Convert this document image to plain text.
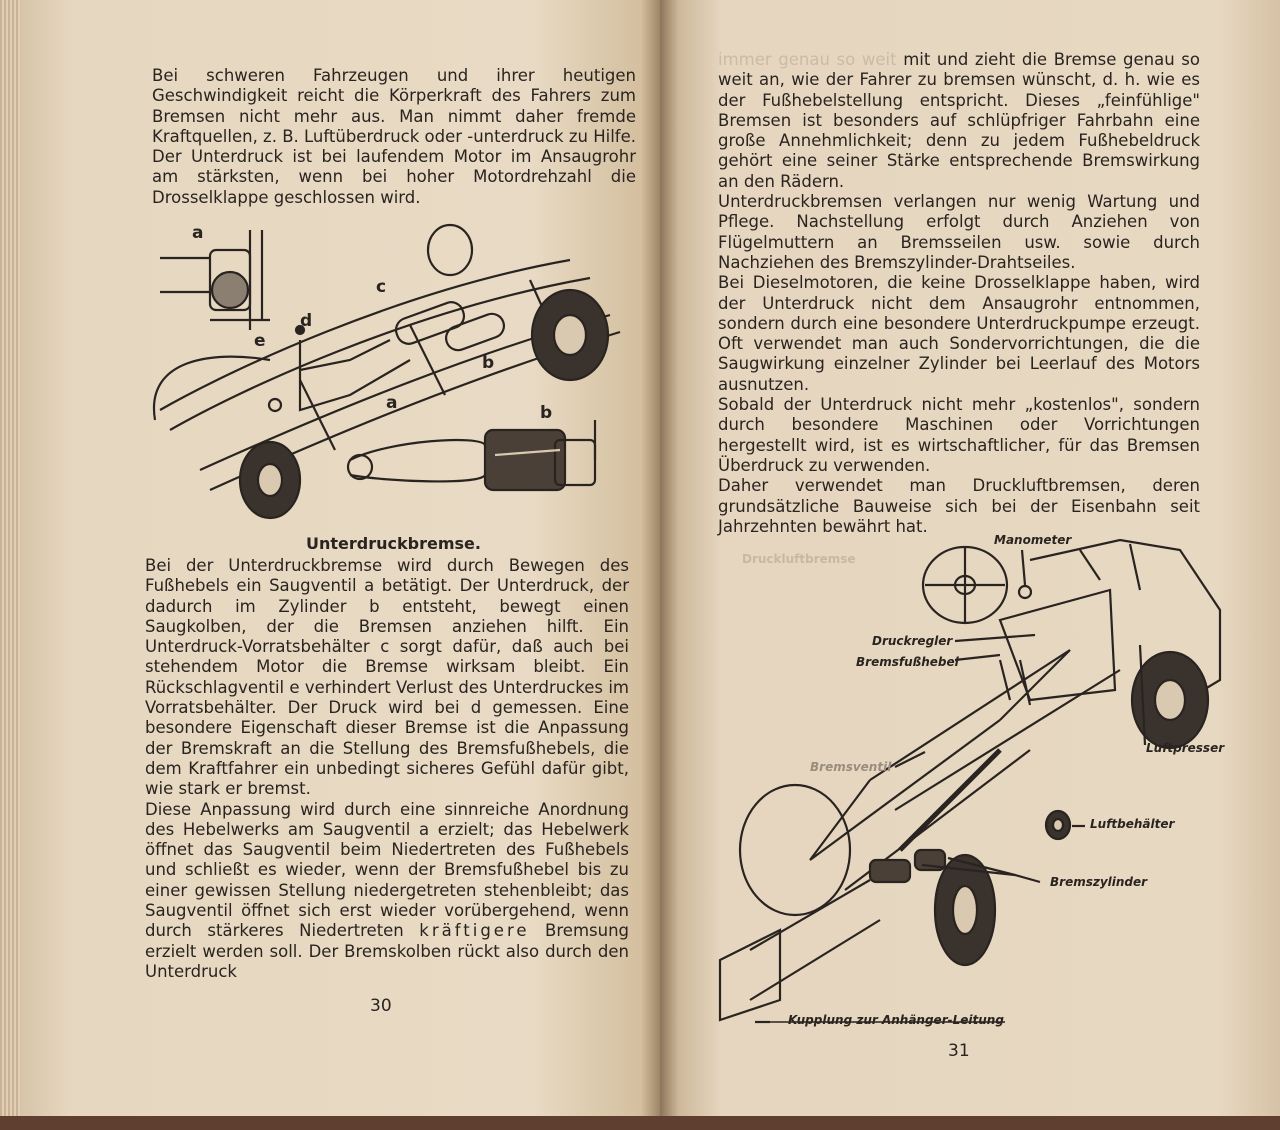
Bei schweren Fahrzeugen und ihrer heutigen Geschwindigkeit reicht die Körperkraft des Fahrers zum Bremsen nicht mehr aus. Man nimmt daher fremde Kraftquellen, z. B. Luftüberdruck oder -unterdruck zu Hilfe. Der Unterdruck ist bei laufendem Motor im Ansaugrohr am stärksten, wenn bei hoher Motordrehzahl die Drosselklappe geschlossen wird.

a
c
d
e
b
a	b
Unterdruckbremse.

Bei der Unterdruckbremse wird durch Bewegen des Fußhebels ein Saugventil a betätigt. Der Unterdruck, der dadurch im Zylinder b entsteht, bewegt einen Saugkolben, der die Bremsen anziehen hilft. Ein Unterdruck-Vorratsbehälter c sorgt dafür, daß auch bei stehendem Motor die Bremse wirksam bleibt. Ein Rückschlagventil e verhindert Verlust des Unterdruckes im Vorratsbehälter. Der Druck wird bei d gemessen. Eine besondere Eigenschaft dieser Bremse ist die Anpassung der Bremskraft an die Stellung des Bremsfußhebels, die dem Kraftfahrer ein unbedingt sicheres Gefühl dafür gibt, wie stark er bremst.

Diese Anpassung wird durch eine sinnreiche Anordnung des Hebelwerks am Saugventil a erzielt; das Hebelwerk öffnet das Saugventil beim Niedertreten des Fußhebels und schließt es wieder, wenn der Bremsfußhebel bis zu einer gewissen Stellung niedergetreten stehenbleibt; das Saugventil öffnet sich erst wieder vorübergehend, wenn durch stärkeres Niedertreten kräftigere Bremsung erzielt werden soll. Der Bremskolben rückt also durch den Unterdruck

30

immer genau so weit mit und zieht die Bremse genau so weit an, wie der Fahrer zu bremsen wünscht, d. h. wie es der Fußhebelstellung entspricht. Dieses „feinfühlige" Bremsen ist besonders auf schlüpfriger Fahrbahn eine große Annehmlichkeit; denn zu jedem Fußhebeldruck gehört eine seiner Stärke entsprechende Bremswirkung an den Rädern.

Unterdruckbremsen verlangen nur wenig Wartung und Pflege. Nachstellung erfolgt durch Anziehen von Flügelmuttern an Bremsseilen usw. sowie durch Nachziehen des Bremszylinder-Drahtseiles.

Bei Dieselmotoren, die keine Drosselklappe haben, wird der Unterdruck nicht dem Ansaugrohr entnommen, sondern durch eine besondere Unterdruckpumpe erzeugt. Oft verwendet man auch Sondervorrichtungen, die die Saugwirkung einzelner Zylinder bei Leerlauf des Motors ausnutzen.

Sobald der Unterdruck nicht mehr „kostenlos", sondern durch besondere Maschinen oder Vorrichtungen hergestellt wird, ist es wirtschaftlicher, für das Bremsen Überdruck zu verwenden.

Daher verwendet man Druckluftbremsen, deren grundsätzliche Bauweise sich bei der Eisenbahn seit Jahrzehnten bewährt hat.

Druckluftbremse
Manometer
Druckregler
Bremsfußhebel
Bremsventil
Luftpresser
Luftbehälter
Bremszylinder
Kupplung zur Anhänger-Leitung
31
